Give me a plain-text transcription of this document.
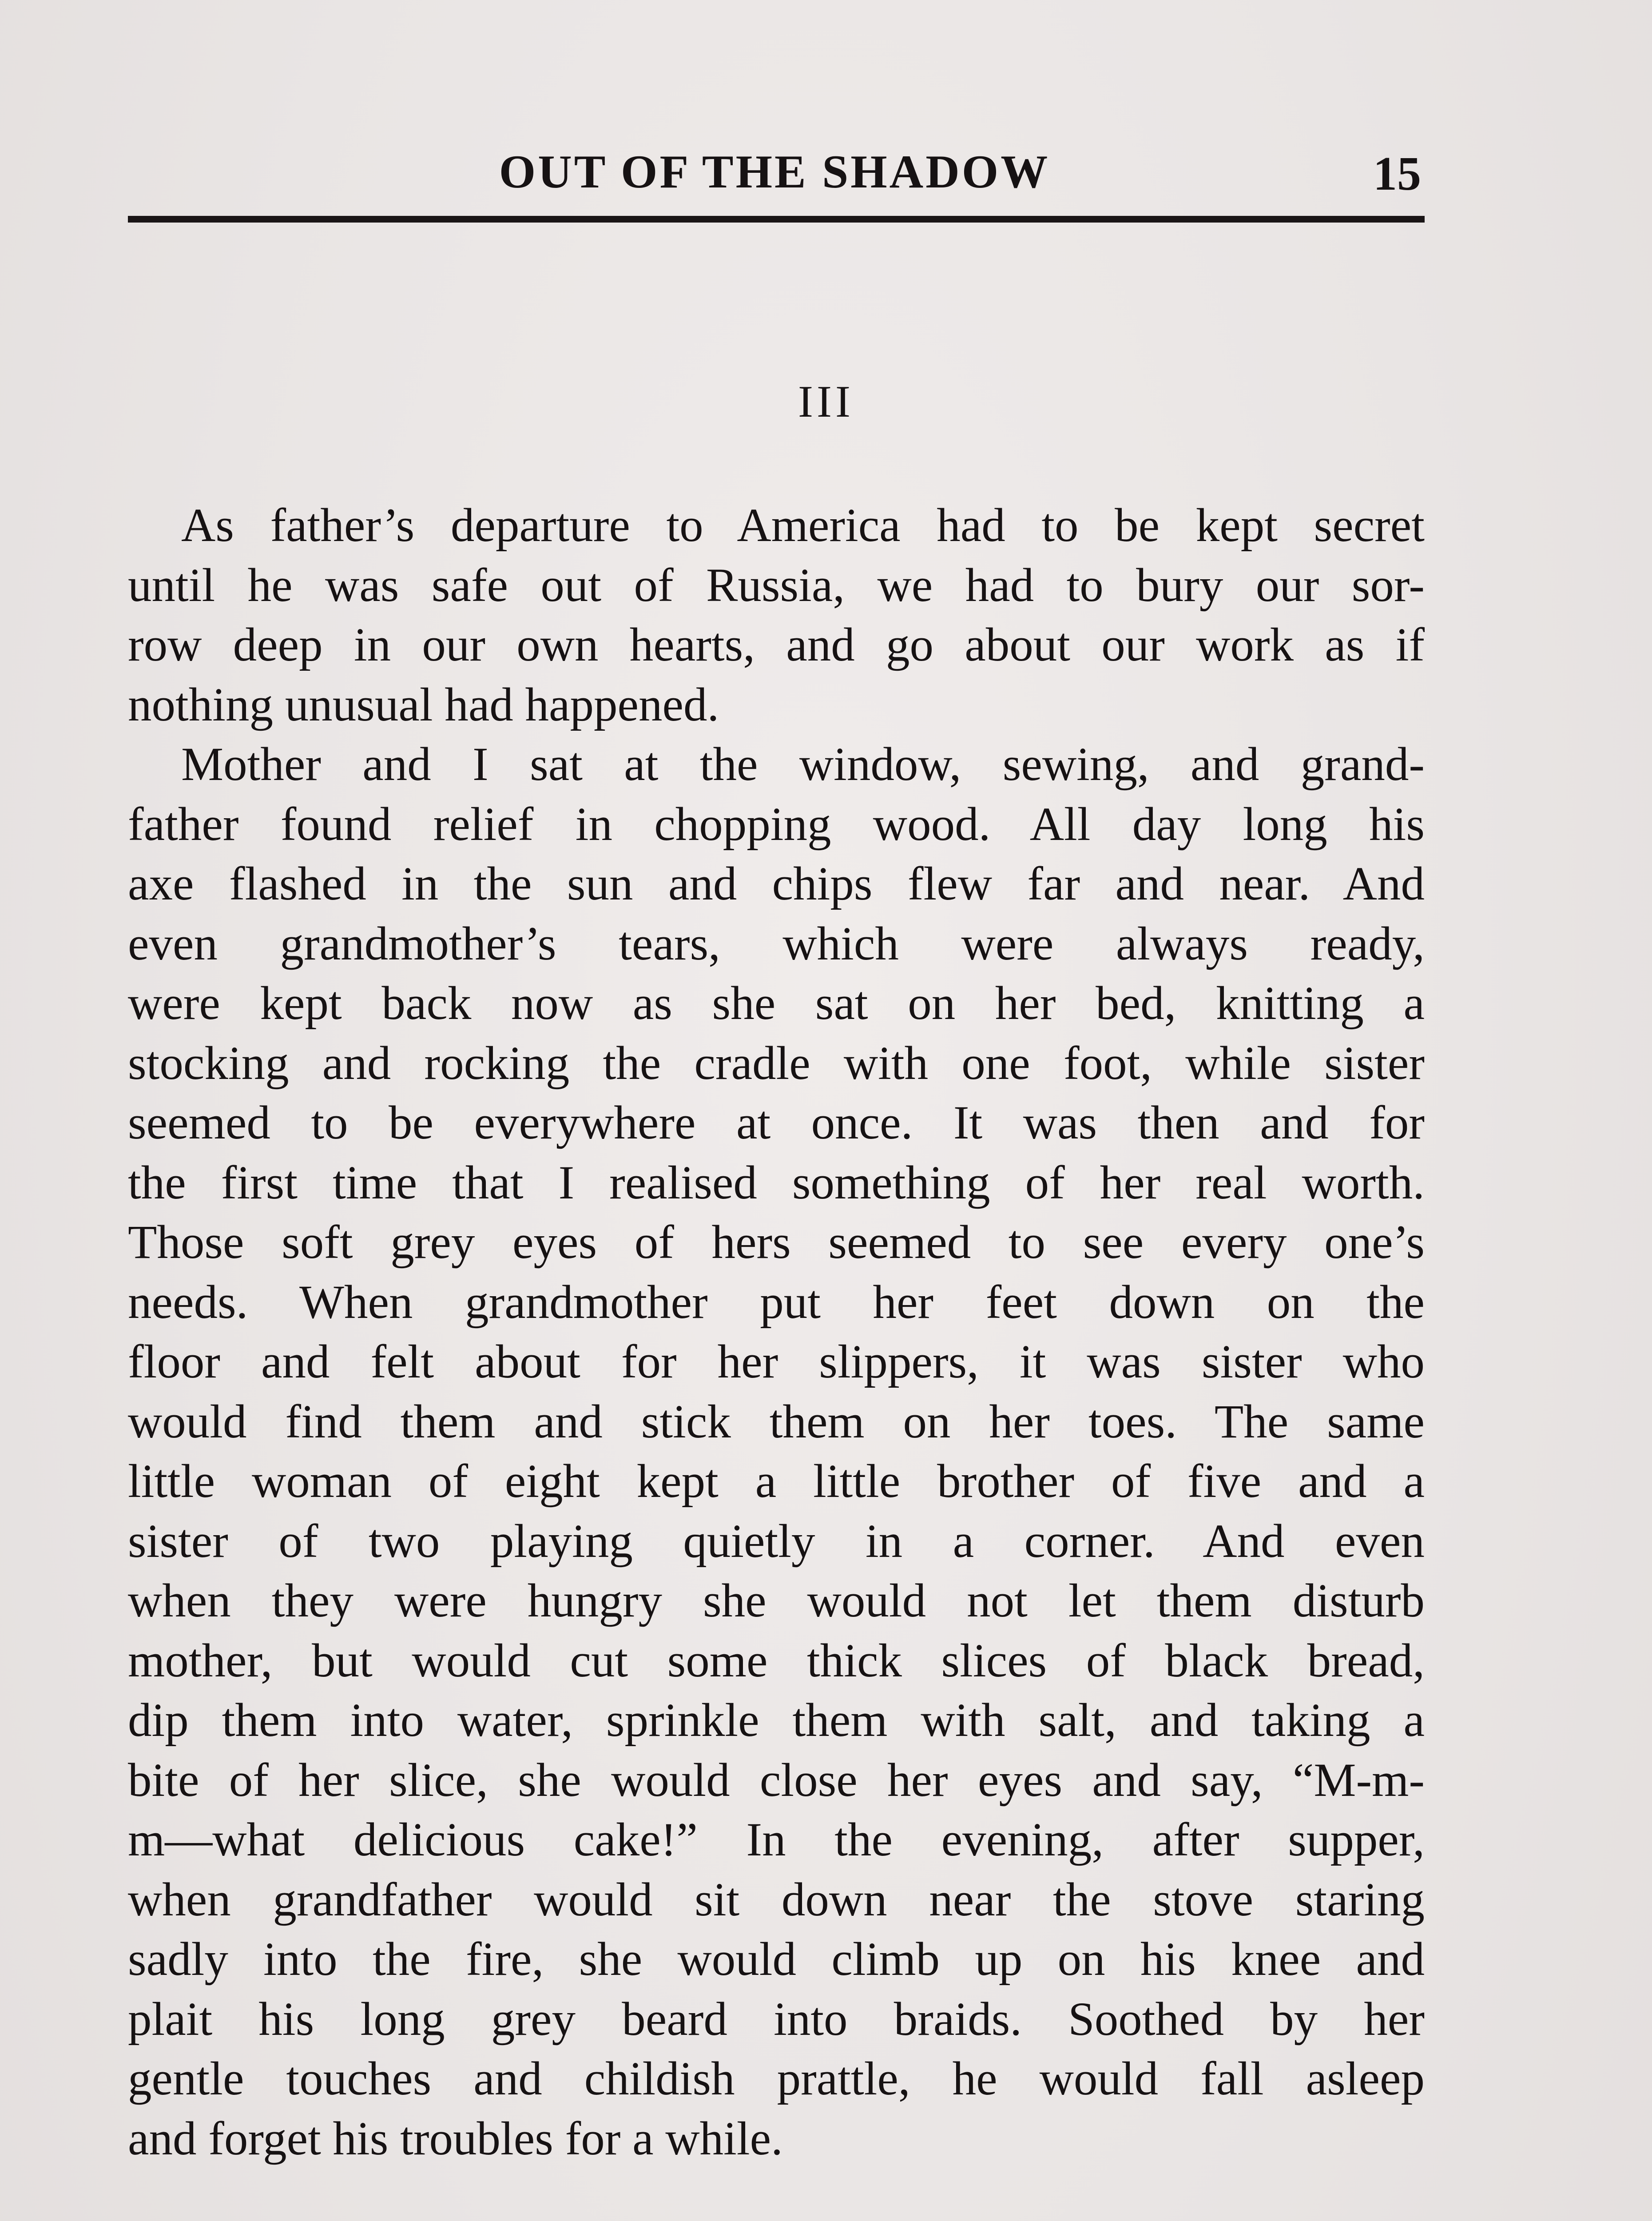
OUT OF THE SHADOW	15
III
As father’s departure to America had to be kept secret
until he was safe out of Russia, we had to bury our sor-
row deep in our own hearts, and go about our work as if
nothing unusual had happened.
Mother and I sat at the window, sewing, and grand-
father found relief in chopping wood. All day long his
axe flashed in the sun and chips flew far and near. And
even grandmother’s tears, which were always ready,
were kept back now as she sat on her bed, knitting a
stocking and rocking the cradle with one foot, while sister
seemed to be everywhere at once. It was then and for
the first time that I realised something of her real worth.
Those soft grey eyes of hers seemed to see every one’s
needs. When grandmother put her feet down on the
floor and felt about for her slippers, it was sister who
would find them and stick them on her toes. The same
little woman of eight kept a little brother of five and a
sister of two playing quietly in a corner. And even
when they were hungry she would not let them disturb
mother, but would cut some thick slices of black bread,
dip them into water, sprinkle them with salt, and taking a
bite of her slice, she would close her eyes and say, “M-m-
m—what delicious cake!” In the evening, after supper,
when grandfather would sit down near the stove staring
sadly into the fire, she would climb up on his knee and
plait his long grey beard into braids. Soothed by her
gentle touches and childish prattle, he would fall asleep
and forget his troubles for a while.
